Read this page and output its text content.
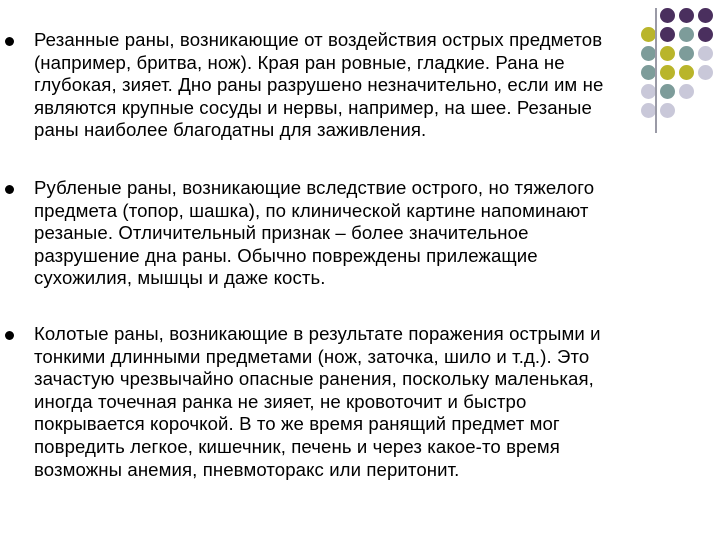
Резанные раны, возникающие от воздействия острых предметов
(например, бритва, нож). Края ран ровные, гладкие. Рана не
глубокая, зияет. Дно раны разрушено незначительно, если им не
являются крупные сосуды и нервы, например, на шее. Резаные
раны наиболее благодатны для заживления.
Рубленые раны, возникающие вследствие острого, но тяжелого
предмета (топор, шашка), по клинической картине напоминают
резаные. Отличительный признак – более значительное
разрушение дна раны. Обычно повреждены прилежащие
сухожилия, мышцы и даже кость.
Колотые раны, возникающие в результате поражения острыми и
тонкими длинными предметами (нож, заточка, шило и т.д.). Это
зачастую чрезвычайно опасные ранения, поскольку маленькая,
иногда точечная ранка не зияет, не кровоточит и быстро
покрывается корочкой. В то же время ранящий предмет мог
повредить легкое, кишечник, печень и через какое-то время
возможны анемия, пневмоторакс или перитонит.
